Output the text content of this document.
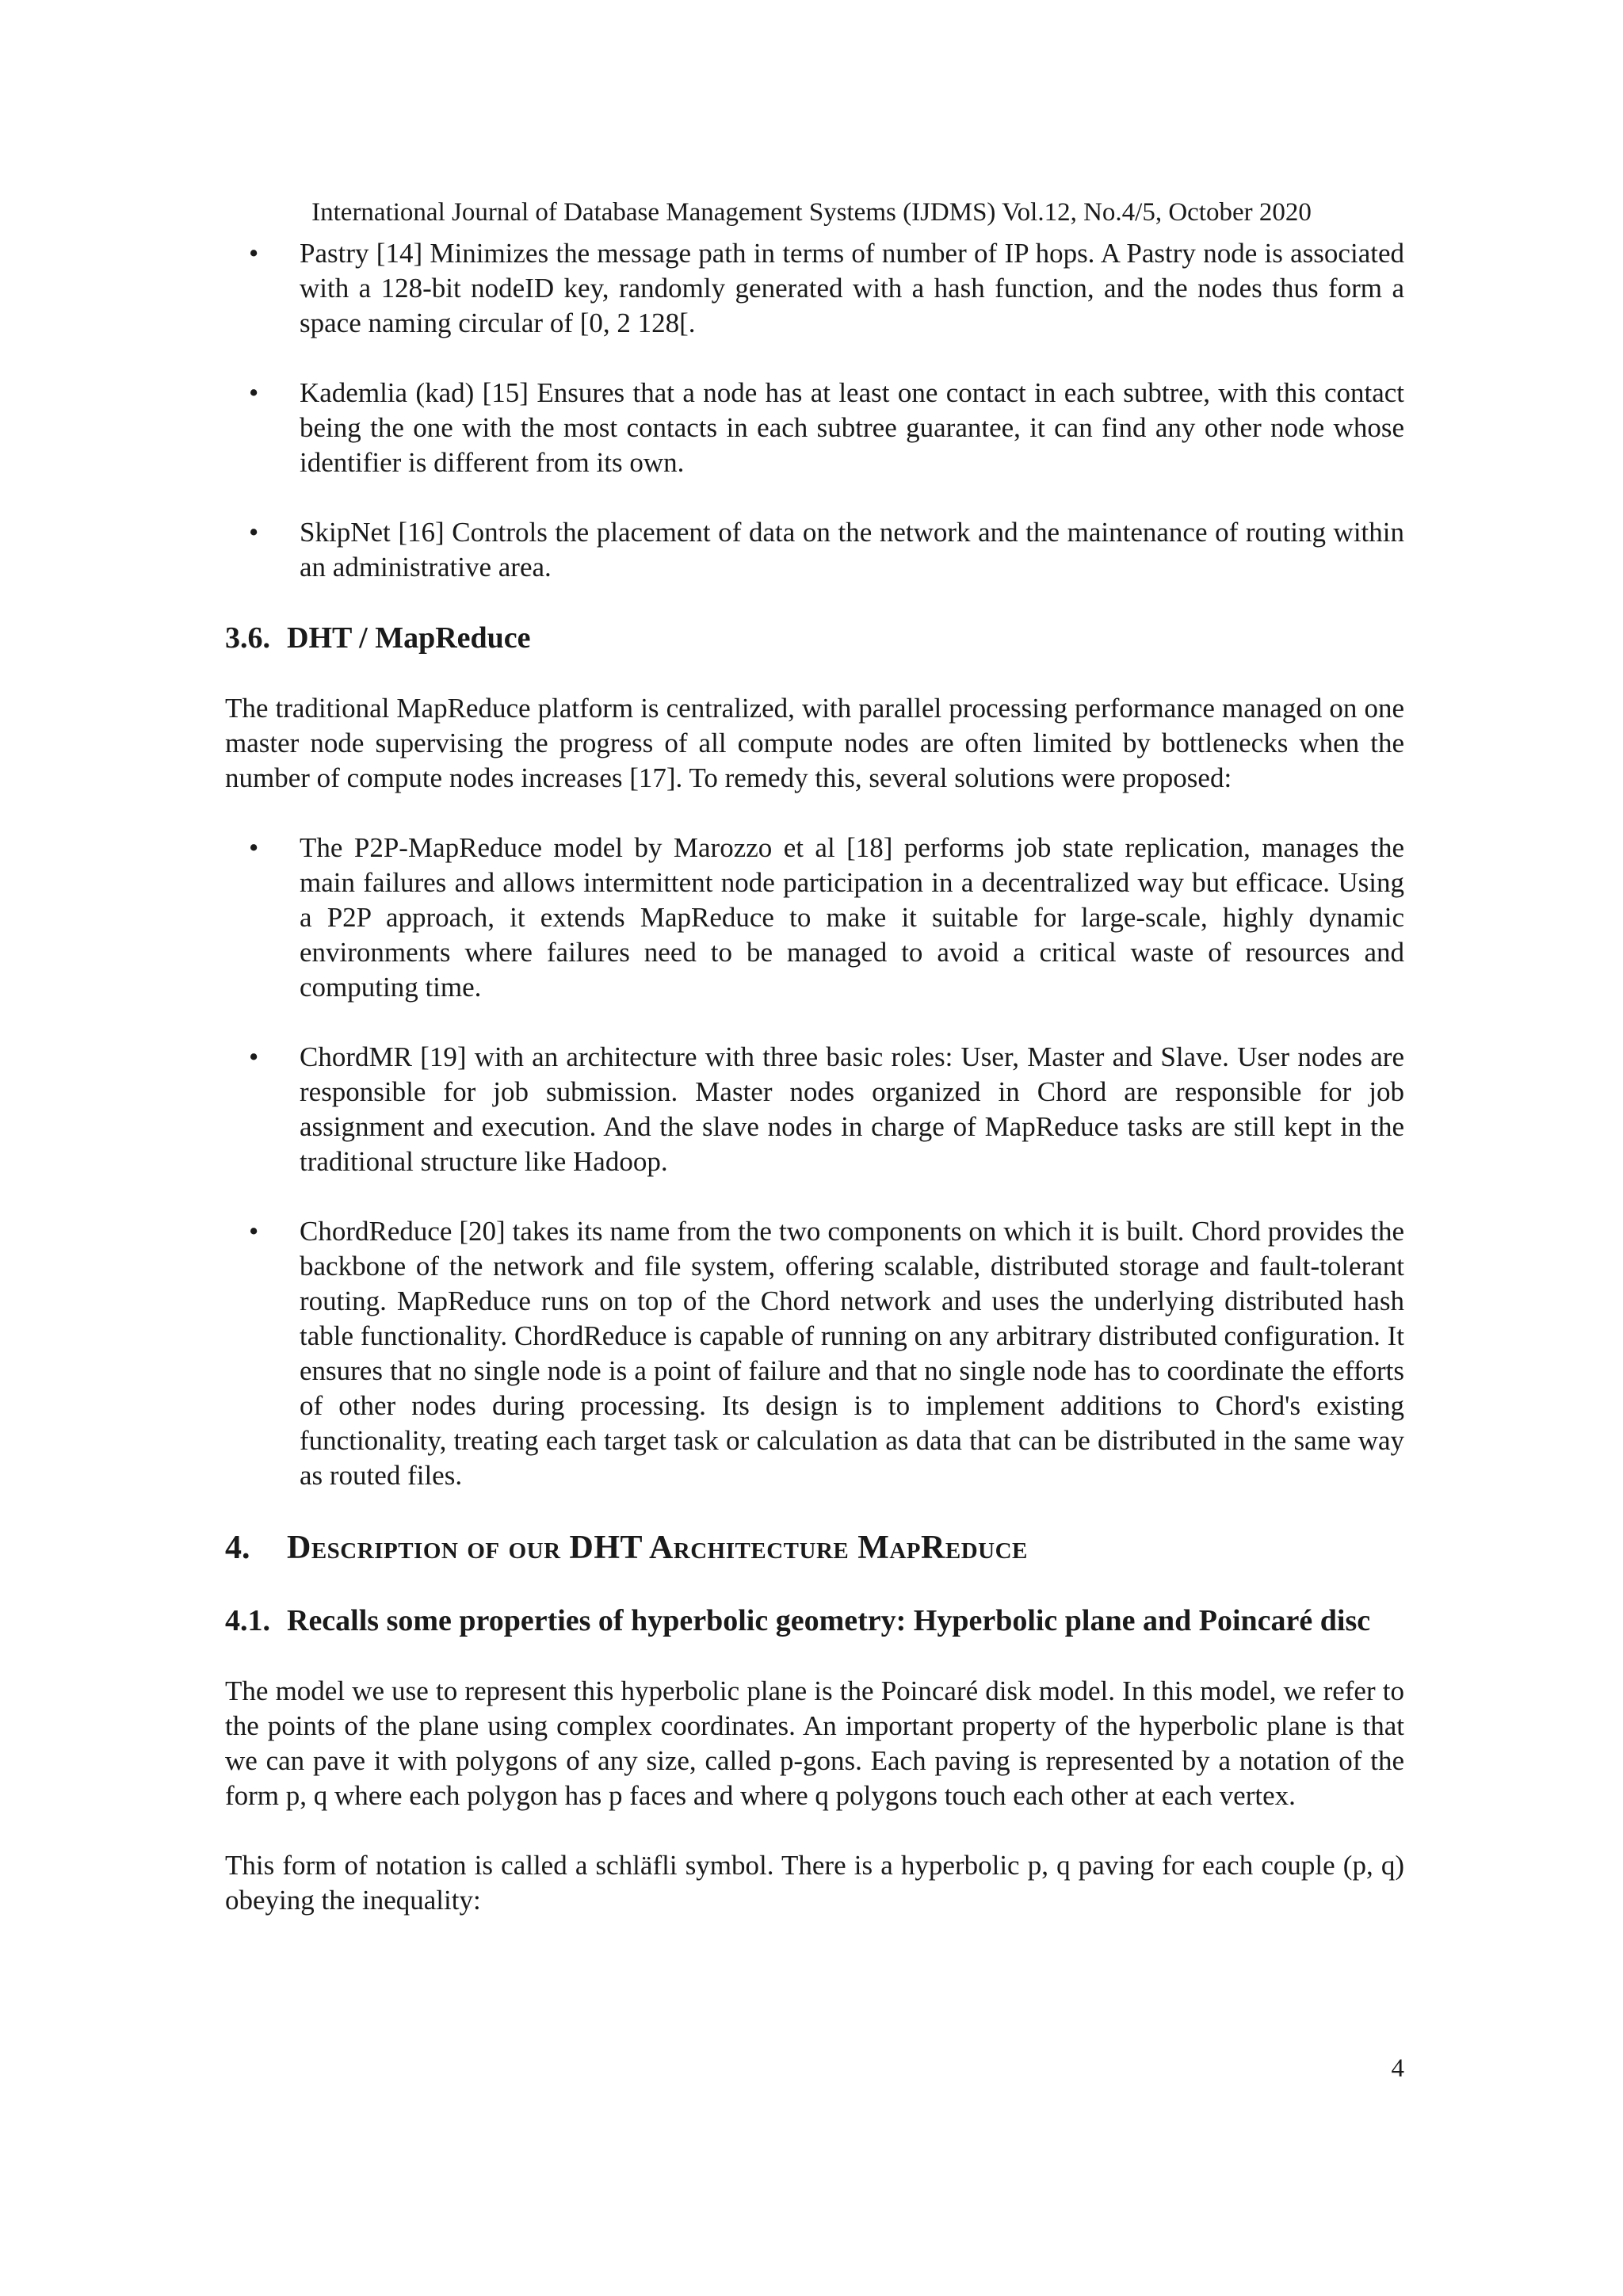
International Journal of Database Management Systems (IJDMS) Vol.12, No.4/5, October 2020
• Pastry [14] Minimizes the message path in terms of number of IP hops. A Pastry node is associated with a 128-bit nodeID key, randomly generated with a hash function, and the nodes thus form a space naming circular of [0, 2 128[.

• Kademlia (kad) [15] Ensures that a node has at least one contact in each subtree, with this contact being the one with the most contacts in each subtree guarantee, it can find any other node whose identifier is different from its own.

• SkipNet [16] Controls the placement of data on the network and the maintenance of routing within an administrative area.

3.6. DHT / MapReduce

The traditional MapReduce platform is centralized, with parallel processing performance managed on one master node supervising the progress of all compute nodes are often limited by bottlenecks when the number of compute nodes increases [17]. To remedy this, several solutions were proposed:

• The P2P-MapReduce model by Marozzo et al [18] performs job state replication, manages the main failures and allows intermittent node participation in a decentralized way but efficace. Using a P2P approach, it extends MapReduce to make it suitable for large-scale, highly dynamic environments where failures need to be managed to avoid a critical waste of resources and computing time.

• ChordMR [19] with an architecture with three basic roles: User, Master and Slave. User nodes are responsible for job submission. Master nodes organized in Chord are responsible for job assignment and execution. And the slave nodes in charge of MapReduce tasks are still kept in the traditional structure like Hadoop.

• ChordReduce [20] takes its name from the two components on which it is built. Chord provides the backbone of the network and file system, offering scalable, distributed storage and fault-tolerant routing. MapReduce runs on top of the Chord network and uses the underlying distributed hash table functionality. ChordReduce is capable of running on any arbitrary distributed configuration. It ensures that no single node is a point of failure and that no single node has to coordinate the efforts of other nodes during processing. Its design is to implement additions to Chord's existing functionality, treating each target task or calculation as data that can be distributed in the same way as routed files.

4. Description of our DHT Architecture MapReduce
4.1. Recalls some properties of hyperbolic geometry: Hyperbolic plane and Poincaré disc

The model we use to represent this hyperbolic plane is the Poincaré disk model. In this model, we refer to the points of the plane using complex coordinates. An important property of the hyperbolic plane is that we can pave it with polygons of any size, called p-gons. Each paving is represented by a notation of the form p, q where each polygon has p faces and where q polygons touch each other at each vertex.

This form of notation is called a schläfli symbol. There is a hyperbolic p, q paving for each couple (p, q) obeying the inequality:

4
